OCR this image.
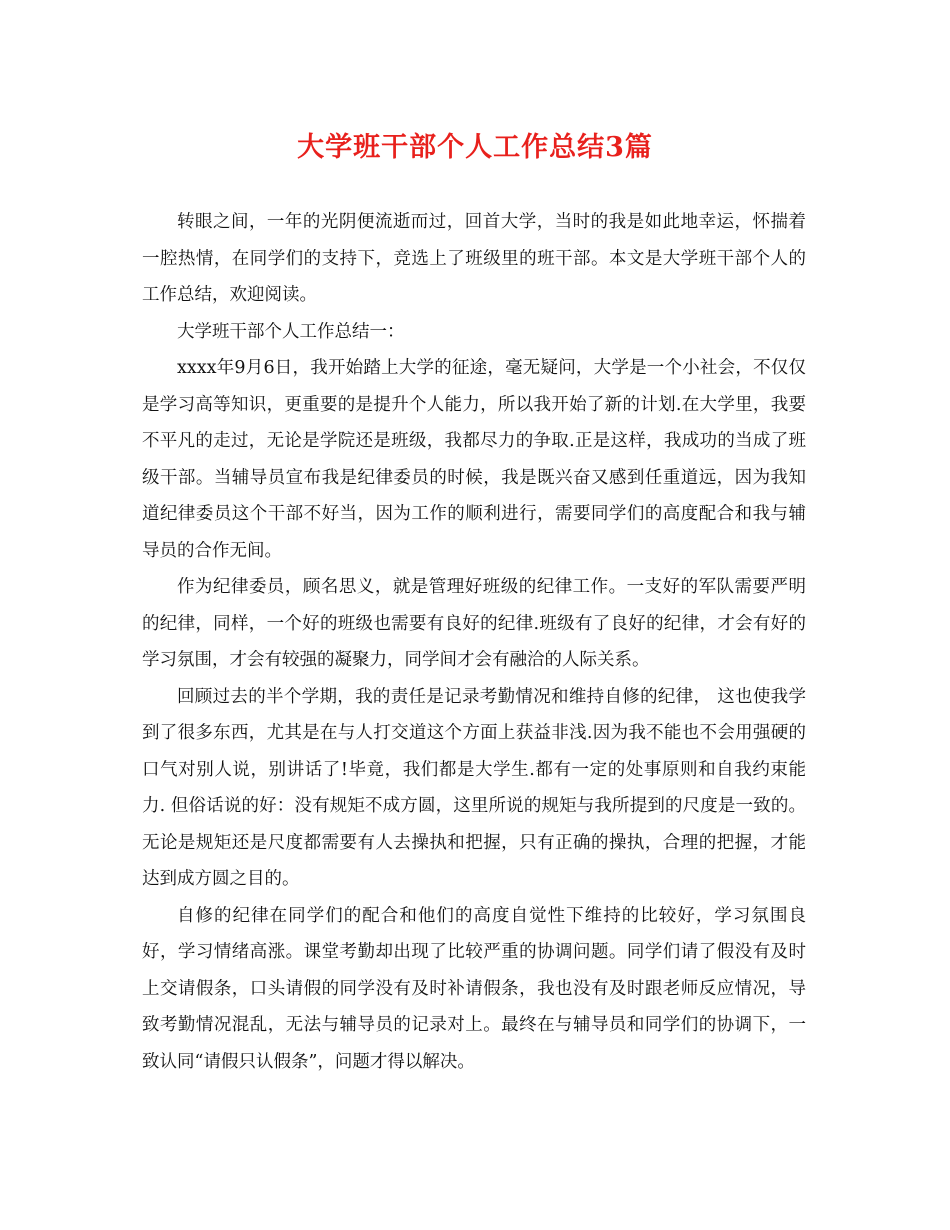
大学班干部个人工作总结3篇

转眼之间，一年的光阴便流逝而过，回首大学，当时的我是如此地幸运，怀揣着一腔热情，在同学们的支持下，竞选上了班级里的班干部。本文是大学班干部个人的工作总结，欢迎阅读。

大学班干部个人工作总结一：

xxxx年9月6日，我开始踏上大学的征途，毫无疑问，大学是一个小社会，不仅仅是学习高等知识，更重要的是提升个人能力，所以我开始了新的计划.在大学里，我要不平凡的走过，无论是学院还是班级，我都尽力的争取.正是这样，我成功的当成了班级干部。当辅导员宣布我是纪律委员的时候，我是既兴奋又感到任重道远，因为我知道纪律委员这个干部不好当，因为工作的顺利进行，需要同学们的高度配合和我与辅导员的合作无间。

作为纪律委员，顾名思义，就是管理好班级的纪律工作。一支好的军队需要严明的纪律，同样，一个好的班级也需要有良好的纪律.班级有了良好的纪律，才会有好的学习氛围，才会有较强的凝聚力，同学间才会有融洽的人际关系。

回顾过去的半个学期，我的责任是记录考勤情况和维持自修的纪律， 这也使我学到了很多东西，尤其是在与人打交道这个方面上获益非浅.因为我不能也不会用强硬的口气对别人说，别讲话了!毕竟，我们都是大学生.都有一定的处事原则和自我约束能力. 但俗话说的好：没有规矩不成方圆，这里所说的规矩与我所提到的尺度是一致的。无论是规矩还是尺度都需要有人去操执和把握，只有正确的操执，合理的把握，才能达到成方圆之目的。

自修的纪律在同学们的配合和他们的高度自觉性下维持的比较好，学习氛围良好，学习情绪高涨。课堂考勤却出现了比较严重的协调问题。同学们请了假没有及时上交请假条，口头请假的同学没有及时补请假条，我也没有及时跟老师反应情况，导致考勤情况混乱，无法与辅导员的记录对上。最终在与辅导员和同学们的协调下，一致认同“请假只认假条”，问题才得以解决。
